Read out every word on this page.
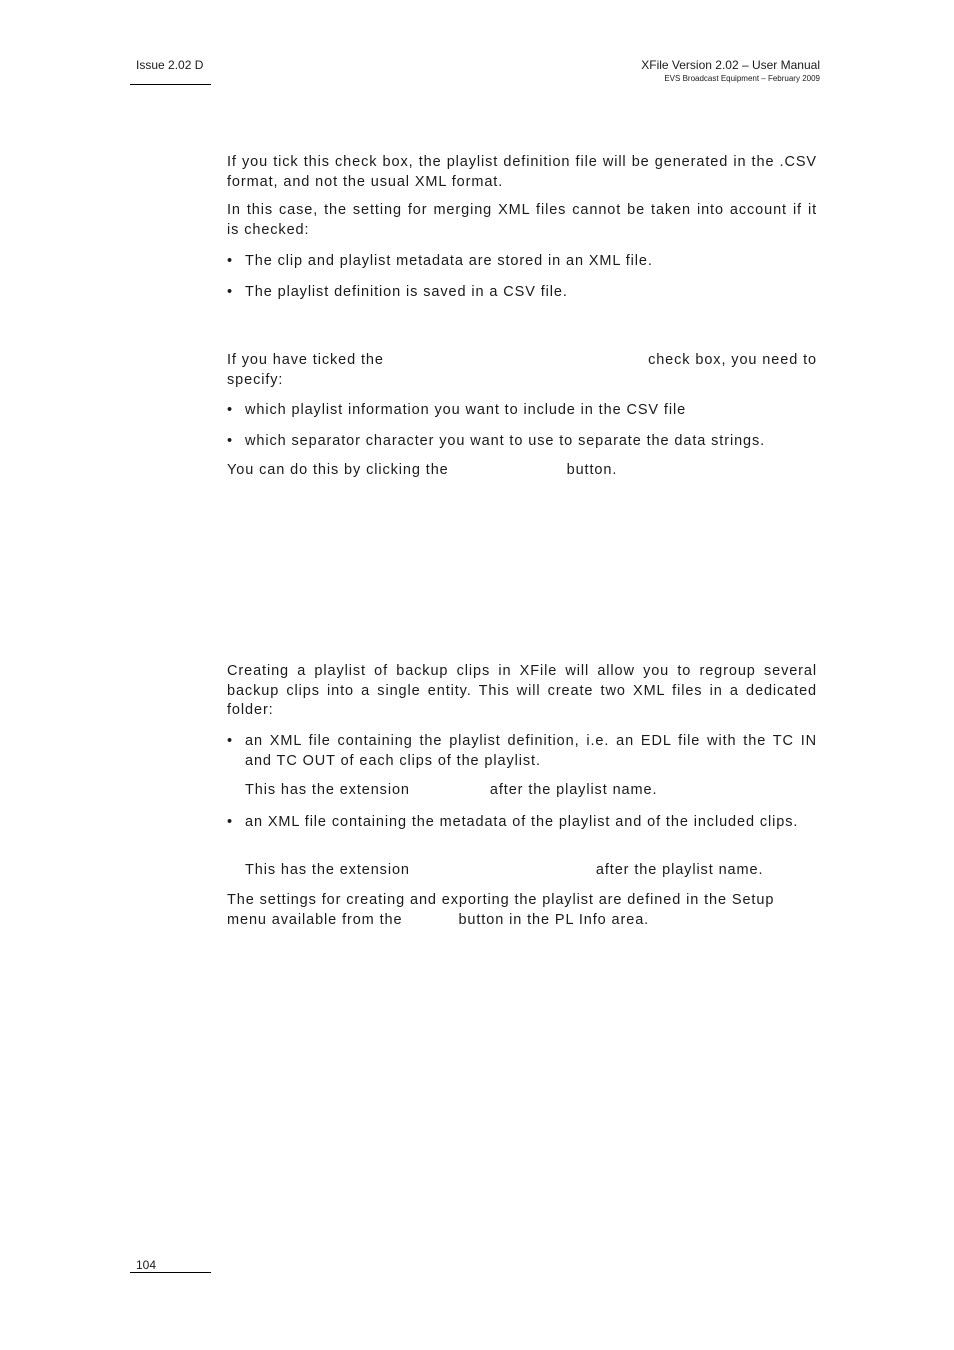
Issue 2.02 D	XFile Version 2.02 – User Manual
EVS Broadcast Equipment – February 2009

If you tick this check box, the playlist definition file will be generated in the .CSV format, and not the usual XML format.

In this case, the setting for merging XML files cannot be taken into account if it is checked:

• The clip and playlist metadata are stored in an XML file.
• The playlist definition is saved in a CSV file.
If you have ticked the	check box, you need to
specify:
• which playlist information you want to include in the CSV file
• which separator character you want to use to separate the data strings.
You can do this by clicking the	button.

Creating a playlist of backup clips in XFile will allow you to regroup several backup clips into a single entity. This will create two XML files in a dedicated folder:

• an XML file containing the playlist definition, i.e. an EDL file with the TC IN and TC OUT of each clips of the playlist.
This has the extension	after the playlist name.
• an XML file containing the metadata of the playlist and of the included clips.
This has the extension	after the playlist name.
The settings for creating and exporting the playlist are defined in the Setup menu available from the	button in the PL Info area.
104
